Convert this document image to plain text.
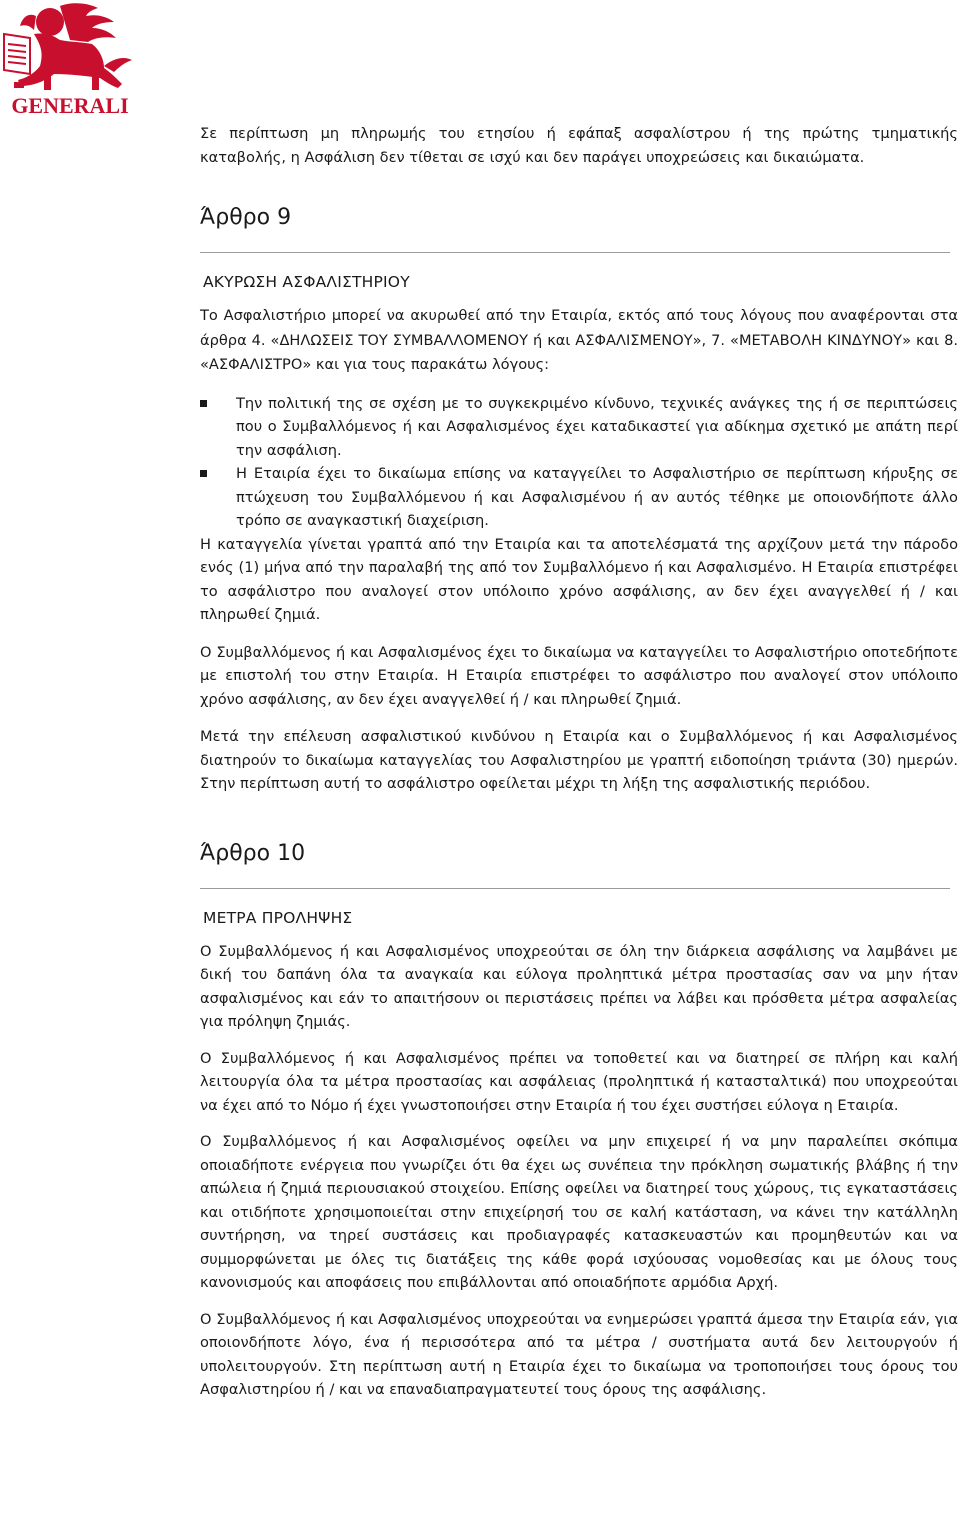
GENERALI

Σε περίπτωση μη πληρωμής του ετησίου ή εφάπαξ ασφαλίστρου ή της πρώτης τμηματικής καταβολής, η Ασφάλιση δεν τίθεται σε ισχύ και δεν παράγει υποχρεώσεις και δικαιώματα.

Άρθρο 9
ΑΚΥΡΩΣΗ ΑΣΦΑΛΙΣΤΗΡΙΟΥ

Το Ασφαλιστήριο μπορεί να ακυρωθεί από την Εταιρία, εκτός από τους λόγους που αναφέρονται στα άρθρα 4. «ΔΗΛΩΣΕΙΣ ΤΟΥ ΣΥΜΒΑΛΛΟΜΕΝΟΥ ή και ΑΣΦΑΛΙΣΜΕΝΟΥ», 7. «ΜΕΤΑΒΟΛΗ ΚΙΝΔΥΝΟΥ» και 8. «ΑΣΦΑΛΙΣΤΡΟ» και για τους παρακάτω λόγους:

Την πολιτική της σε σχέση με το συγκεκριμένο κίνδυνο, τεχνικές ανάγκες της ή σε περιπτώσεις που ο Συμβαλλόμενος ή και Ασφαλισμένος έχει καταδικαστεί για αδίκημα σχετικό με απάτη περί την ασφάλιση.
Η Εταιρία έχει το δικαίωμα επίσης να καταγγείλει το Ασφαλιστήριο σε περίπτωση κήρυξης σε πτώχευση του Συμβαλλόμενου ή και Ασφαλισμένου ή αν αυτός τέθηκε με οποιονδήποτε άλλο τρόπο σε αναγκαστική διαχείριση.

Η καταγγελία γίνεται γραπτά από την Εταιρία και τα αποτελέσματά της αρχίζουν μετά την πάροδο ενός (1) μήνα από την παραλαβή της από τον Συμβαλλόμενο ή και Ασφαλισμένο. Η Εταιρία επιστρέφει το ασφάλιστρο που αναλογεί στον υπόλοιπο χρόνο ασφάλισης, αν δεν έχει αναγγελθεί ή / και πληρωθεί ζημιά.

Ο Συμβαλλόμενος ή και Ασφαλισμένος έχει το δικαίωμα να καταγγείλει το Ασφαλιστήριο οποτεδήποτε με επιστολή του στην Εταιρία. Η Εταιρία επιστρέφει το ασφάλιστρο που αναλογεί στον υπόλοιπο χρόνο ασφάλισης, αν δεν έχει αναγγελθεί ή / και πληρωθεί ζημιά.

Μετά την επέλευση ασφαλιστικού κινδύνου η Εταιρία και ο Συμβαλλόμενος ή και Ασφαλισμένος διατηρούν το δικαίωμα καταγγελίας του Ασφαλιστηρίου με γραπτή ειδοποίηση τριάντα (30) ημερών. Στην περίπτωση αυτή το ασφάλιστρο οφείλεται μέχρι τη λήξη της ασφαλιστικής περιόδου.

Άρθρο 10
ΜΕΤΡΑ ΠΡΟΛΗΨΗΣ

Ο Συμβαλλόμενος ή και Ασφαλισμένος υποχρεούται σε όλη την διάρκεια ασφάλισης να λαμβάνει με δική του δαπάνη όλα τα αναγκαία και εύλογα προληπτικά μέτρα προστασίας σαν να μην ήταν ασφαλισμένος και εάν το απαιτήσουν οι περιστάσεις πρέπει να λάβει και πρόσθετα μέτρα ασφαλείας για πρόληψη ζημιάς.

Ο Συμβαλλόμενος ή και Ασφαλισμένος πρέπει να τοποθετεί και να διατηρεί σε πλήρη και καλή λειτουργία όλα τα μέτρα προστασίας και ασφάλειας (προληπτικά ή κατασταλτικά) που υποχρεούται να έχει από το Νόμο ή έχει γνωστοποιήσει στην Εταιρία ή του έχει συστήσει εύλογα η Εταιρία.

Ο Συμβαλλόμενος ή και Ασφαλισμένος οφείλει να μην επιχειρεί ή να μην παραλείπει σκόπιμα οποιαδήποτε ενέργεια που γνωρίζει ότι θα έχει ως συνέπεια την πρόκληση σωματικής βλάβης ή την απώλεια ή ζημιά περιουσιακού στοιχείου. Επίσης οφείλει να διατηρεί τους χώρους, τις εγκαταστάσεις και οτιδήποτε χρησιμοποιείται στην επιχείρησή του σε καλή κατάσταση, να κάνει την κατάλληλη συντήρηση, να τηρεί συστάσεις και προδιαγραφές κατασκευαστών και προμηθευτών και να συμμορφώνεται με όλες τις διατάξεις της κάθε φορά ισχύουσας νομοθεσίας και με όλους τους κανονισμούς και αποφάσεις που επιβάλλονται από οποιαδήποτε αρμόδια Αρχή.

Ο Συμβαλλόμενος ή και Ασφαλισμένος υποχρεούται να ενημερώσει γραπτά άμεσα την Εταιρία εάν, για οποιονδήποτε λόγο, ένα ή περισσότερα από τα μέτρα / συστήματα αυτά δεν λειτουργούν ή υπολειτουργούν. Στη περίπτωση αυτή η Εταιρία έχει το δικαίωμα να τροποποιήσει τους όρους του Ασφαλιστηρίου ή / και να επαναδιαπραγματευτεί τους όρους της ασφάλισης.
